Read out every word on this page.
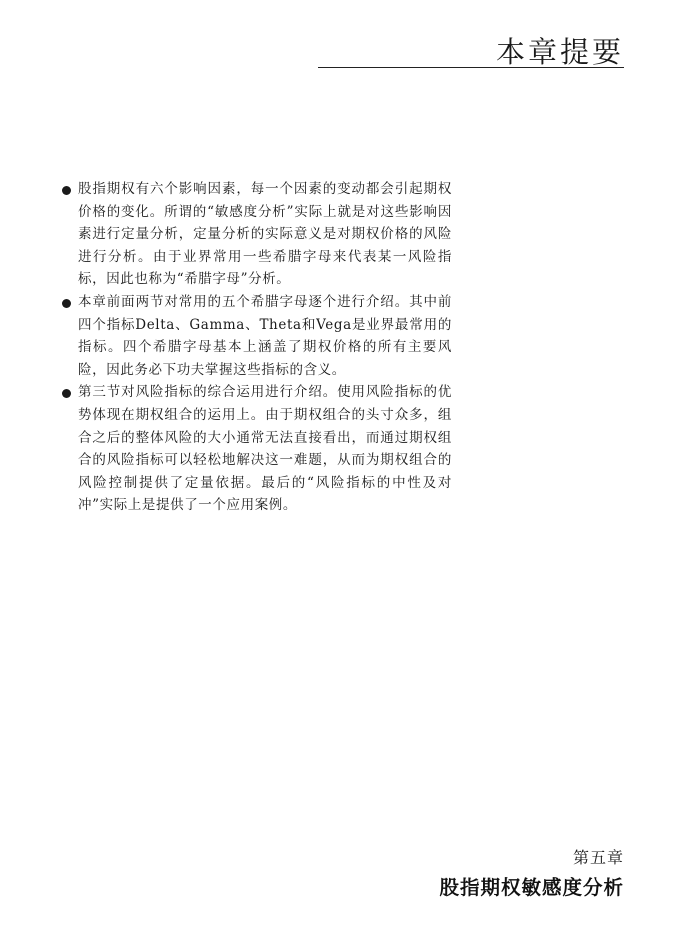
本章提要
股指期权有六个影响因素，每一个因素的变动都会引起期权价格的变化。所谓的“敏感度分析”实际上就是对这些影响因素进行定量分析，定量分析的实际意义是对期权价格的风险进行分析。由于业界常用一些希腊字母来代表某一风险指标，因此也称为“希腊字母”分析。
本章前面两节对常用的五个希腊字母逐个进行介绍。其中前四个指标Delta、Gamma、Theta和Vega是业界最常用的指标。四个希腊字母基本上涵盖了期权价格的所有主要风险，因此务必下功夫掌握这些指标的含义。
第三节对风险指标的综合运用进行介绍。使用风险指标的优势体现在期权组合的运用上。由于期权组合的头寸众多，组合之后的整体风险的大小通常无法直接看出，而通过期权组合的风险指标可以轻松地解决这一难题，从而为期权组合的风险控制提供了定量依据。最后的“风险指标的中性及对冲”实际上是提供了一个应用案例。
第五章
股指期权敏感度分析
